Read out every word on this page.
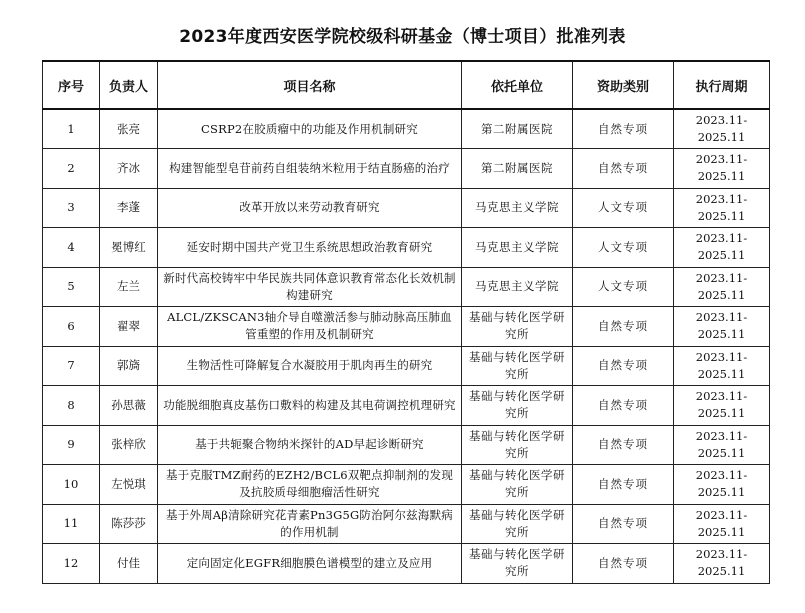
2023年度西安医学院校级科研基金（博士项目）批准列表
序号	负责人	项目名称	依托单位	资助类别	执行周期
1	张亮	CSRP2在胶质瘤中的功能及作用机制研究	第二附属医院	自然专项	2023.11-
2025.11

2	齐冰	构建智能型皂苷前药自组装纳米粒用于结直肠癌的治疗	第二附属医院	自然专项	2023.11-
2025.11

3	李蓬	改革开放以来劳动教育研究	马克思主义学院	人文专项	2023.11-
2025.11

4	冕博红	延安时期中国共产党卫生系统思想政治教育研究	马克思主义学院	人文专项	2023.11-
2025.11

5	左兰	新时代高校铸牢中华民族共同体意识教育常态化长效机制构建研究	马克思主义学院	人文专项	2023.11-
2025.11

6	翟翠	ALCL/ZKSCAN3轴介导自噬激活参与肺动脉高压肺血管重塑的作用及机制研究	基础与转化医学研究所	自然专项	2023.11-
2025.11

7	郭旖	生物活性可降解复合水凝胶用于肌肉再生的研究	基础与转化医学研究所	自然专项	2023.11-
2025.11

8	孙思薇	功能脱细胞真皮基伤口敷料的构建及其电荷调控机理研究	基础与转化医学研究所	自然专项	2023.11-
2025.11

9	张梓欣	基于共轭聚合物纳米探针的AD早起诊断研究	基础与转化医学研究所	自然专项	2023.11-
2025.11

10	左悦琪	基于克服TMZ耐药的EZH2/BCL6双靶点抑制剂的发现及抗胶质母细胞瘤活性研究	基础与转化医学研究所	自然专项	2023.11-
2025.11

11	陈莎莎	基于外周Aβ清除研究花青素Pn3G5G防治阿尔兹海默病的作用机制	基础与转化医学研究所	自然专项	2023.11-
2025.11

12	付佳	定向固定化EGFR细胞膜色谱模型的建立及应用	基础与转化医学研究所	自然专项	2023.11-
2025.11
